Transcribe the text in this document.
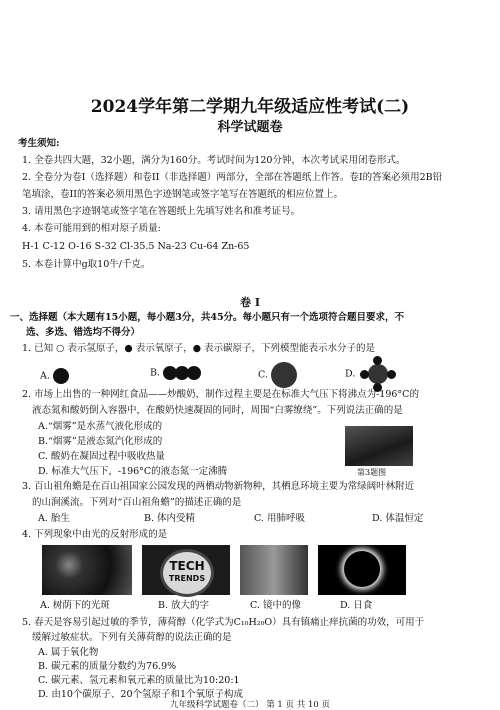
2024学年第二学期九年级适应性考试(二)
科学试题卷
考生须知:
1. 全卷共四大题，32小题，满分为160分。考试时间为120分钟，本次考试采用闭卷形式。
2. 全卷分为卷I（选择题）和卷II（非选择题）两部分，全部在答题纸上作答。卷I的答案必须用2B铅
笔填涂，卷II的答案必须用黑色字迹钢笔或签字笔写在答题纸的相应位置上。
3. 请用黑色字迹钢笔或签字笔在答题纸上先填写姓名和准考证号。
4. 本卷可能用到的相对原子质量:
H-1 C-12 O-16 S-32 Cl-35.5 Na-23 Cu-64 Zn-65
5. 本卷计算中g取10牛/千克。
卷 I
一、选择题（本大题有15小题，每小题3分，共45分。每小题只有一个选项符合题目要求，不
选、多选、错选均不得分）
1. 已知 ○ 表示氢原子，● 表示氧原子，● 表示碳原子，下列模型能表示水分子的是
A.	B.	C.	D.
2. 市场上出售的一种网红食品——炒酸奶，制作过程主要是在标准大气压下将沸点为-196°C的
液态氮和酸奶倒入容器中，在酸奶快速凝固的同时，周围“白雾缭绕”。下列说法正确的是
A.“烟雾”是水蒸气液化形成的
B.“烟雾”是液态氮汽化形成的
C. 酸奶在凝固过程中吸收热量
D. 标准大气压下，-196°C的液态氮一定沸腾	第3题图
3. 百山祖角蟾是在百山祖国家公园发现的两栖动物新物种，其栖息环境主要为常绿阔叶林附近
的山涧溪流。下列对“百山祖角蟾”的描述正确的是
A. 胎生	B. 体内受精	C. 用肺呼吸	D. 体温恒定
4. 下列现象中由光的反射形成的是
TECH
TRENDS
A. 树荫下的光斑	B. 放大的字	C. 镜中的像	D. 日食
5. 春天是容易引起过敏的季节，薄荷醇（化学式为C₁₀H₂₀O）具有镇痛止痒抗菌的功效，可用于
缓解过敏症状。下列有关薄荷醇的说法正确的是
A. 属于氧化物
B. 碳元素的质量分数约为76.9%
C. 碳元素、氢元素和氧元素的质量比为10:20:1
D. 由10个碳原子、20个氢原子和1个氧原子构成
九年级科学试题卷（二） 第 1 页 共 10 页
